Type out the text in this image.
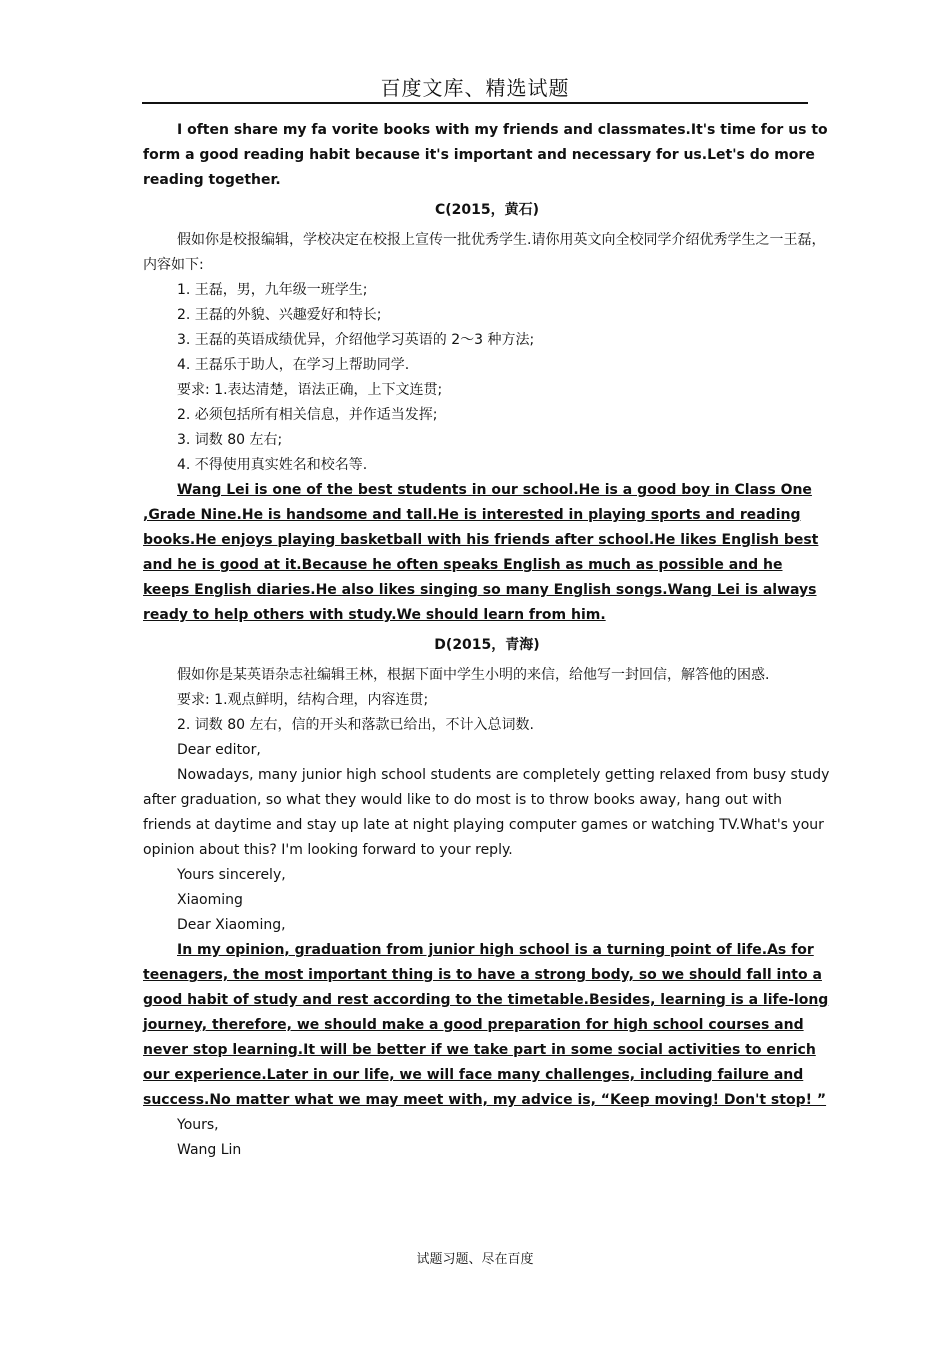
百度文库、精选试题

I often share my fa vorite books with my friends and classmates.It's time for us to form a good reading habit because it's important and necessary for us.Let's do more reading together.

C(2015，黄石)

假如你是校报编辑，学校决定在校报上宣传一批优秀学生.请你用英文向全校同学介绍优秀学生之一王磊，内容如下:

1. 王磊，男，九年级一班学生;

2. 王磊的外貌、兴趣爱好和特长;

3. 王磊的英语成绩优异，介绍他学习英语的 2～3 种方法;

4. 王磊乐于助人，在学习上帮助同学.

要求: 1.表达清楚，语法正确，上下文连贯;

2. 必须包括所有相关信息，并作适当发挥;

3. 词数 80 左右;

4. 不得使用真实姓名和校名等.

Wang Lei is one of the best students in our school.He is a good boy in Class One ,Grade Nine.He is handsome and tall.He is interested in playing sports and reading books.He enjoys playing basketball with his friends after school.He likes English best and he is good at it.Because he often speaks English as much as possible and he keeps English diaries.He also likes singing so many English songs.Wang Lei is always ready to help others with study.We should learn from him.

D(2015，青海)

假如你是某英语杂志社编辑王林，根据下面中学生小明的来信，给他写一封回信，解答他的困惑.

要求: 1.观点鲜明，结构合理，内容连贯;

2. 词数 80 左右，信的开头和落款已给出，不计入总词数.

Dear editor,

Nowadays, many junior high school students are completely getting relaxed from busy study after graduation, so what they would like to do most is to throw books away, hang out with friends at daytime and stay up late at night playing computer games or watching TV.What's your opinion about this? I'm looking forward to your reply.

Yours sincerely,

Xiaoming

Dear Xiaoming,

In my opinion, graduation from junior high school is a turning point of life.As for teenagers, the most important thing is to have a strong body, so we should fall into a good habit of study and rest according to the timetable.Besides, learning is a life-long journey, therefore, we should make a good preparation for high school courses and never stop learning.It will be better if we take part in some social activities to enrich our experience.Later in our life, we will face many challenges, including failure and success.No matter what we may meet with, my advice is, “Keep moving! Don't stop! ”

Yours,

Wang Lin

试题习题、尽在百度
